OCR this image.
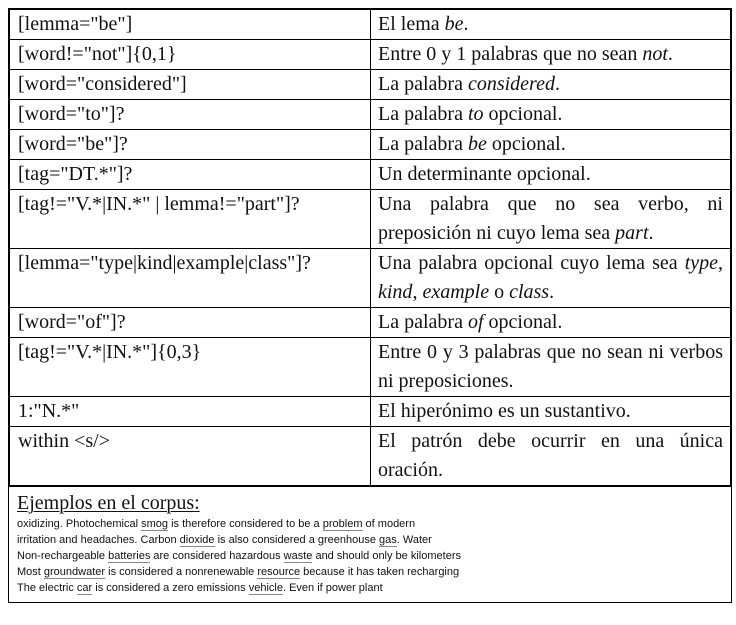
[lemma="be"]	El lema be.
[word!="not"]{0,1}	Entre 0 y 1 palabras que no sean not.
[word="considered"]	La palabra considered.
[word="to"]?	La palabra to opcional.
[word="be"]?	La palabra be opcional.
[tag="DT.*"]?	Un determinante opcional.
[tag!="V.*|IN.*" | lemma!="part"]?	Una palabra que no sea verbo, ni preposición ni cuyo lema sea part.
[lemma="type|kind|example|class"]?	Una palabra opcional cuyo lema sea type, kind, example o class.
[word="of"]?	La palabra of opcional.
[tag!="V.*|IN.*"]{0,3}	Entre 0 y 3 palabras que no sean ni verbos ni preposiciones.
1:"N.*"	El hiperónimo es un sustantivo.
within <s/>	El patrón debe ocurrir en una única oración.
Ejemplos en el corpus:
oxidizing. Photochemical smog is therefore considered to be a problem of modern
irritation and headaches. Carbon dioxide is also considered a greenhouse gas. Water
Non-rechargeable batteries are considered hazardous waste and should only be kilometers
Most groundwater is considered a nonrenewable resource because it has taken recharging
The electric car is considered a zero emissions vehicle. Even if power plant
